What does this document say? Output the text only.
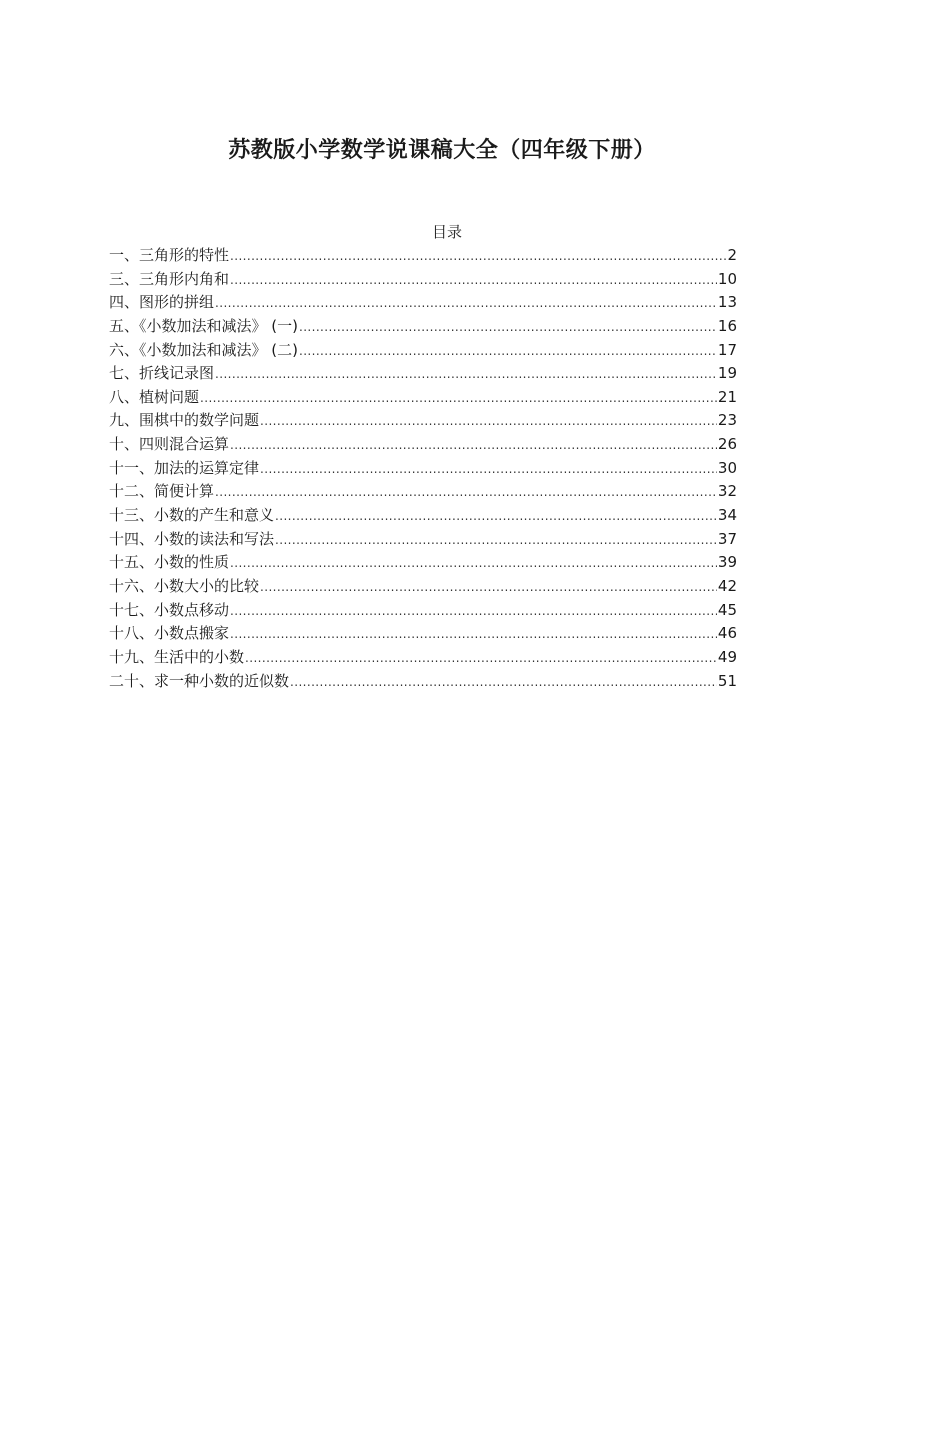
苏教版小学数学说课稿大全（四年级下册）
目录
一、三角形的特性 .....	2
三、三角形内角和 .....	10
四、图形的拼组 .....	13
五、《小数加法和减法》 (一) .....	16
六、《小数加法和减法》 (二) .....	17
七、折线记录图 .....	19
八、植树问题 .....	21
九、围棋中的数学问题 .....	23
十、四则混合运算 .....	26
十一、加法的运算定律 .....	30
十二、简便计算 .....	32
十三、小数的产生和意义 .....	34
十四、小数的读法和写法 .....	37
十五、小数的性质 .....	39
十六、小数大小的比较 .....	42
十七、小数点移动 .....	45
十八、小数点搬家 .....	46
十九、生活中的小数 .....	49
二十、求一种小数的近似数 .....	51
